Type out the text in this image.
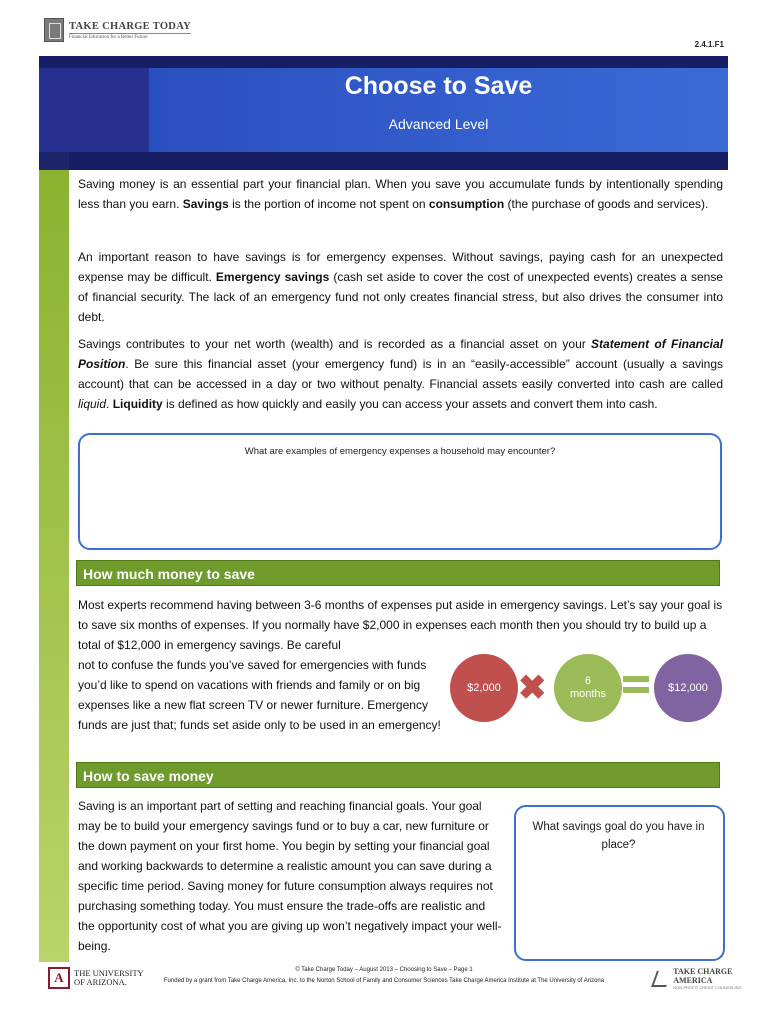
TAKE CHARGE TODAY
Financial Education for a Better Future
2.4.1.F1
Choose to Save
Advanced Level
Saving money is an essential part your financial plan. When you save you accumulate funds by intentionally spending less than you earn. Savings is the portion of income not spent on consumption (the purchase of goods and services).
An important reason to have savings is for emergency expenses. Without savings, paying cash for an unexpected expense may be difficult. Emergency savings (cash set aside to cover the cost of unexpected events) creates a sense of financial security. The lack of an emergency fund not only creates financial stress, but also drives the consumer into debt.
Savings contributes to your net worth (wealth) and is recorded as a financial asset on your Statement of Financial Position. Be sure this financial asset (your emergency fund) is in an “easily-accessible” account (usually a savings account) that can be accessed in a day or two without penalty. Financial assets easily converted into cash are called liquid. Liquidity is defined as how quickly and easily you can access your assets and convert them into cash.
What are examples of emergency expenses a household may encounter?
How much money to save
Most experts recommend having between 3-6 months of expenses put aside in emergency savings. Let’s say your goal is to save six months of expenses. If you normally have $2,000 in expenses each month then you should try to build up a total of $12,000 in emergency savings. Be careful
not to confuse the funds you’ve saved for emergencies with funds you’d like to spend on vacations with friends and family or on big expenses like a new flat screen TV or newer furniture. Emergency funds are just that; funds set aside only to be used in an emergency!
$2,000 ✖	6
months
$12,000
How to save money
Saving is an important part of setting and reaching financial goals. Your goal may be to build your emergency savings fund or to buy a car, new furniture or the down payment on your first home. You begin by setting your financial goal and working backwards to determine a realistic amount you can save during a specific time period. Saving money for future consumption always requires not purchasing something today. You must ensure the trade-offs are realistic and the opportunity cost of what you are giving up won’t negatively impact your well-being.
What savings goal do you have in place?
A	THE UNIVERSITY
OF ARIZONA.
© Take Charge Today – August 2013 – Choosing to Save – Page 1
Funded by a grant from Take Charge America, Inc. to the Norton School of Family and Consumer Sciences Take Charge America Institute at The University of Arizona
TAKE CHARGE AMERICA
NON-PROFIT CREDIT COUNSELING
